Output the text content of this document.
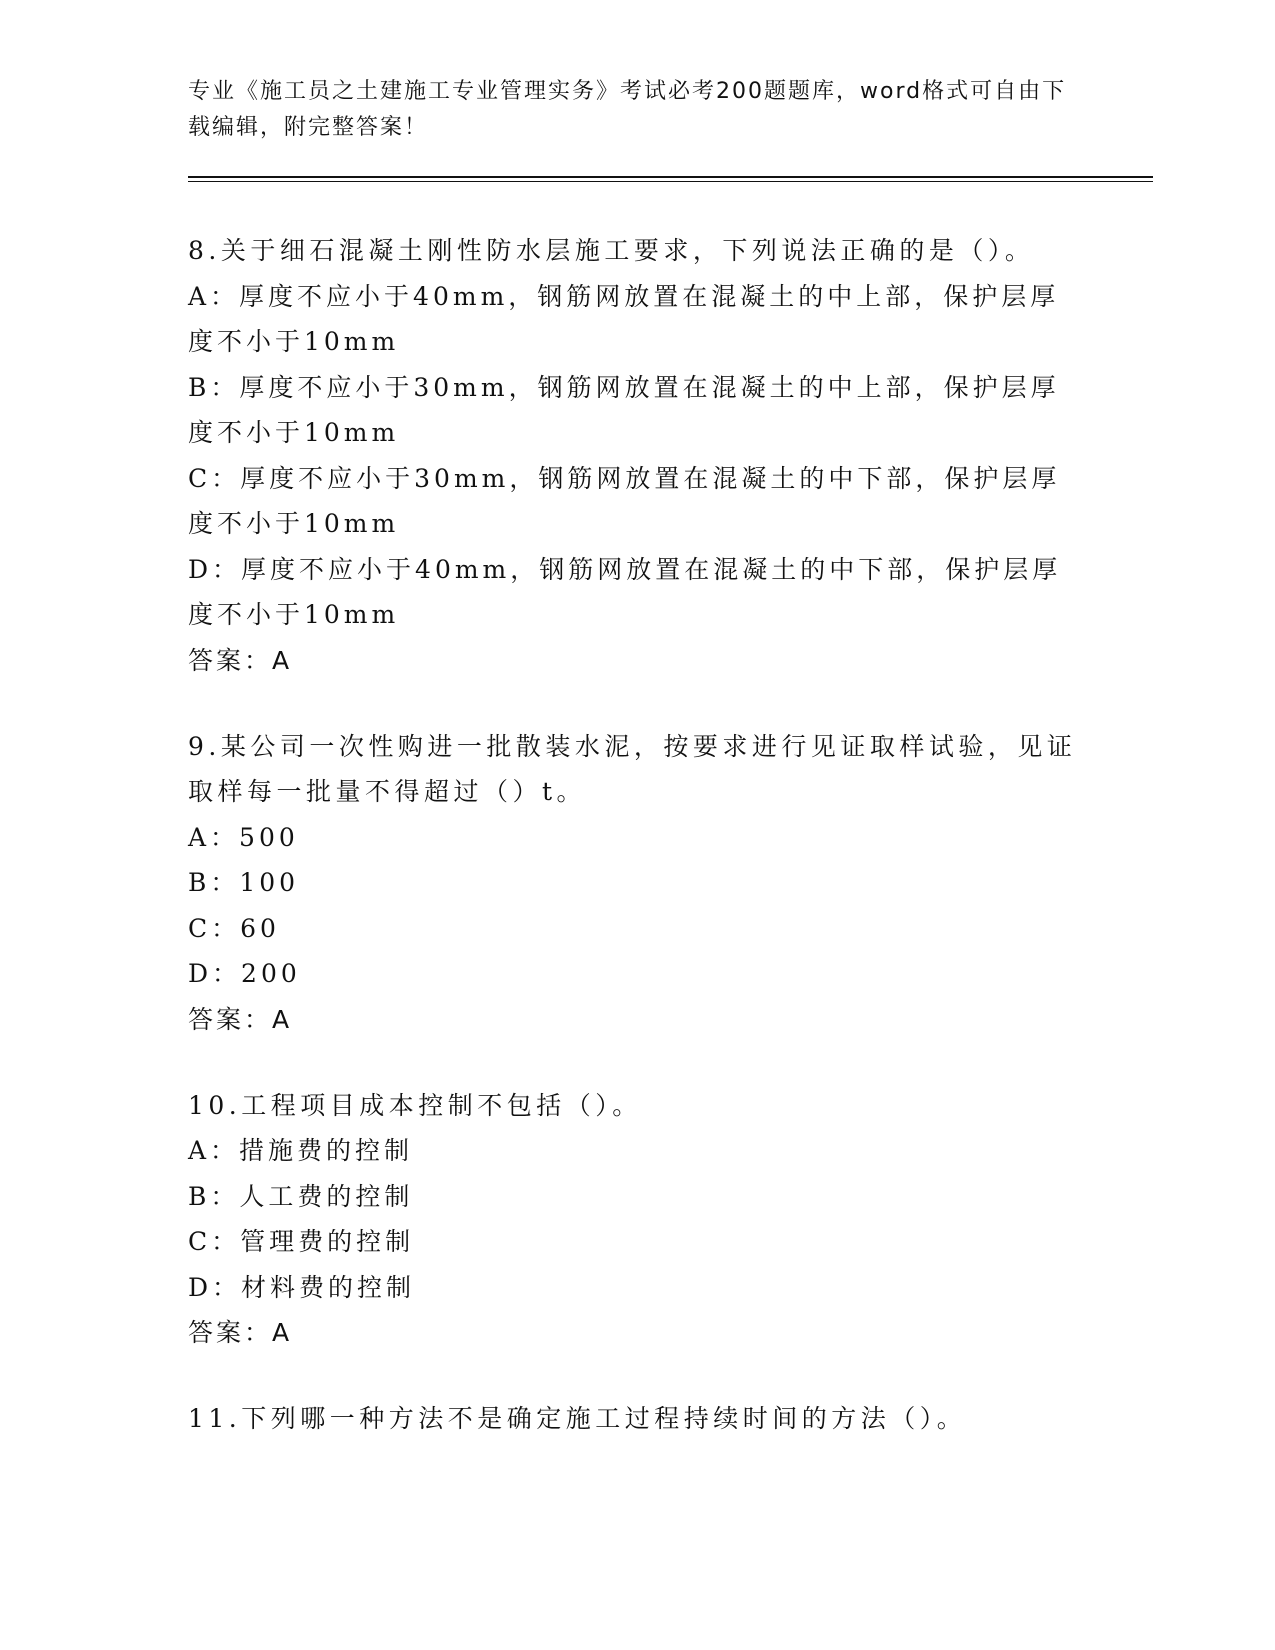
专业《施工员之土建施工专业管理实务》考试必考200题题库，word格式可自由下载编辑，附完整答案！
8.关于细石混凝土刚性防水层施工要求，下列说法正确的是（）。
A：厚度不应小于40mm，钢筋网放置在混凝土的中上部，保护层厚度不小于10mm
B：厚度不应小于30mm，钢筋网放置在混凝土的中上部，保护层厚度不小于10mm
C：厚度不应小于30mm，钢筋网放置在混凝土的中下部，保护层厚度不小于10mm
D：厚度不应小于40mm，钢筋网放置在混凝土的中下部，保护层厚度不小于10mm
答案：A
9.某公司一次性购进一批散装水泥，按要求进行见证取样试验，见证取样每一批量不得超过（）t。
A：500
B：100
C：60
D：200
答案：A
10.工程项目成本控制不包括（）。
A：措施费的控制
B：人工费的控制
C：管理费的控制
D：材料费的控制
答案：A
11.下列哪一种方法不是确定施工过程持续时间的方法（）。
